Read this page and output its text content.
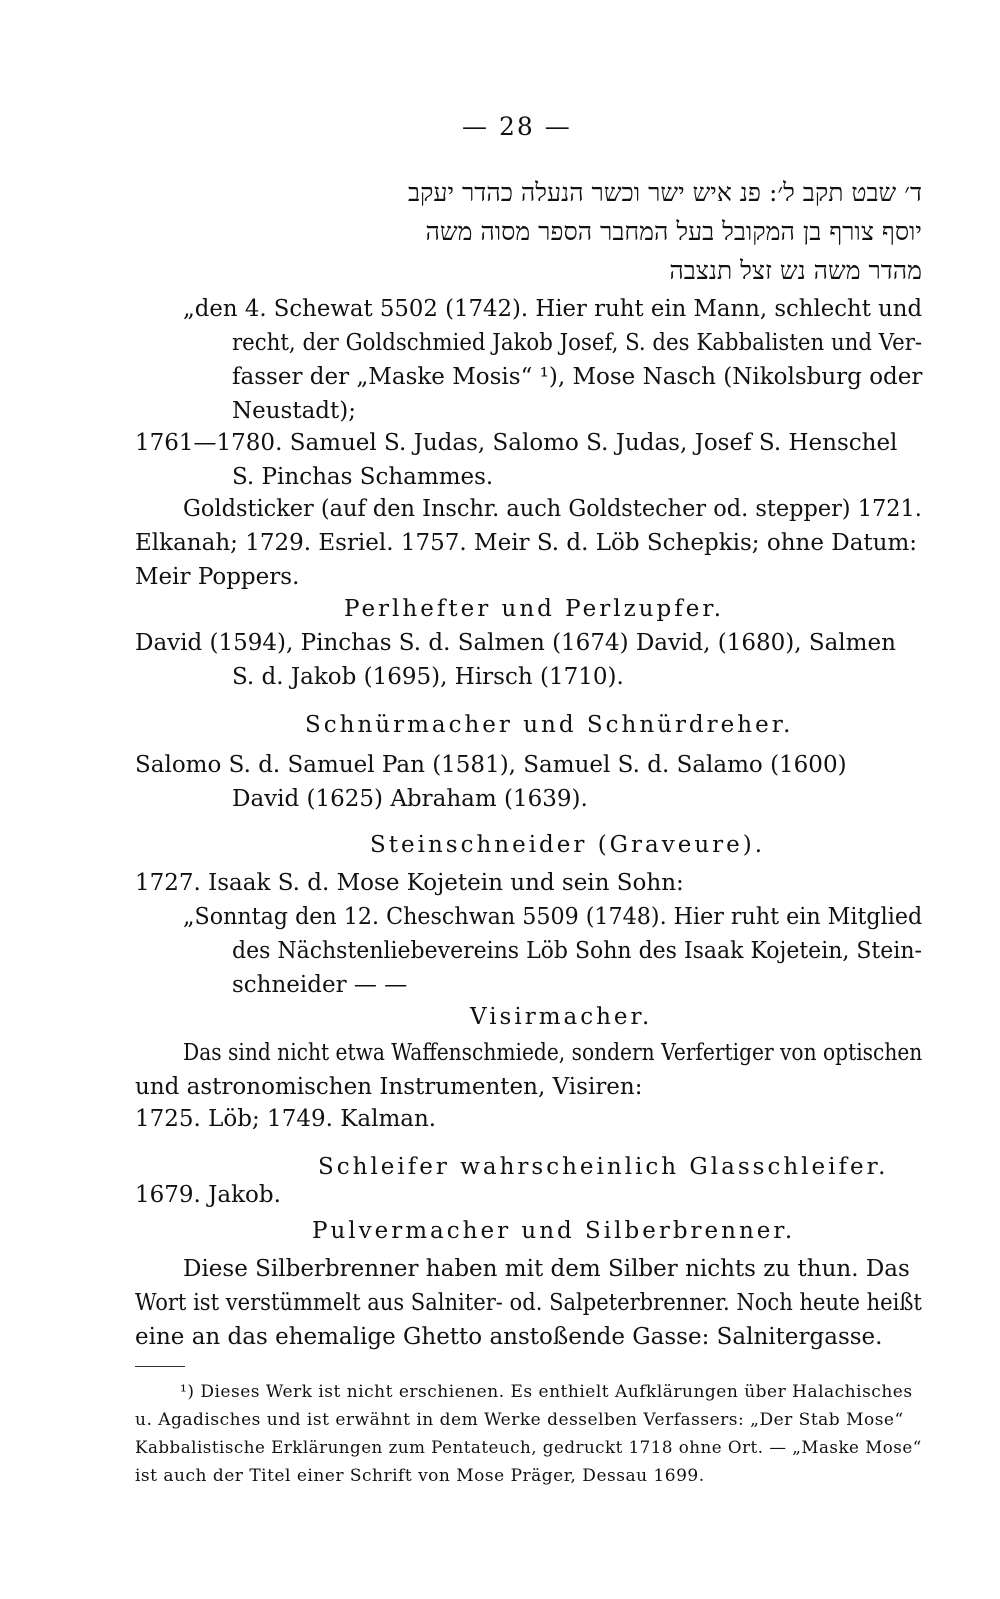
— 28 —
ד׳ שבט תקב ל׳: פנ איש ישר וכשר הנעלה כהדר יעקב
יוסף צורף בן המקובל בעל המחבר הספר מסוה משה
מהדר משה נש זצל תנצבה
„den 4. Schewat 5502 (1742). Hier ruht ein Mann, schlecht und
recht, der Goldschmied Jakob Josef, S. des Kabbalisten und Ver-
fasser der „Maske Mosis“ ¹), Mose Nasch (Nikolsburg oder
Neustadt);
1761—1780. Samuel S. Judas, Salomo S. Judas, Josef S. Henschel
S. Pinchas Schammes.
Goldsticker (auf den Inschr. auch Goldstecher od. stepper) 1721.
Elkanah; 1729. Esriel. 1757. Meir S. d. Löb Schepkis; ohne Datum:
Meir Poppers.
Perlhefter und Perlzupfer.
David (1594), Pinchas S. d. Salmen (1674) David, (1680), Salmen
S. d. Jakob (1695), Hirsch (1710).
Schnürmacher und Schnürdreher.
Salomo S. d. Samuel Pan (1581), Samuel S. d. Salamo (1600)
David (1625) Abraham (1639).
Steinschneider (Graveure).
1727. Isaak S. d. Mose Kojetein und sein Sohn:
„Sonntag den 12. Cheschwan 5509 (1748). Hier ruht ein Mitglied
des Nächstenliebevereins Löb Sohn des Isaak Kojetein, Stein-
schneider — —
Visirmacher.
Das sind nicht etwa Waffenschmiede, sondern Verfertiger von optischen
und astronomischen Instrumenten, Visiren:
1725. Löb; 1749. Kalman.
Schleifer wahrscheinlich Glasschleifer.
1679. Jakob.
Pulvermacher und Silberbrenner.
Diese Silberbrenner haben mit dem Silber nichts zu thun. Das
Wort ist verstümmelt aus Salniter- od. Salpeterbrenner. Noch heute heißt
eine an das ehemalige Ghetto anstoßende Gasse: Salnitergasse.
¹) Dieses Werk ist nicht erschienen. Es enthielt Aufklärungen über Halachisches
u. Agadisches und ist erwähnt in dem Werke desselben Verfassers: „Der Stab Mose“
Kabbalistische Erklärungen zum Pentateuch, gedruckt 1718 ohne Ort. — „Maske Mose“
ist auch der Titel einer Schrift von Mose Präger, Dessau 1699.
